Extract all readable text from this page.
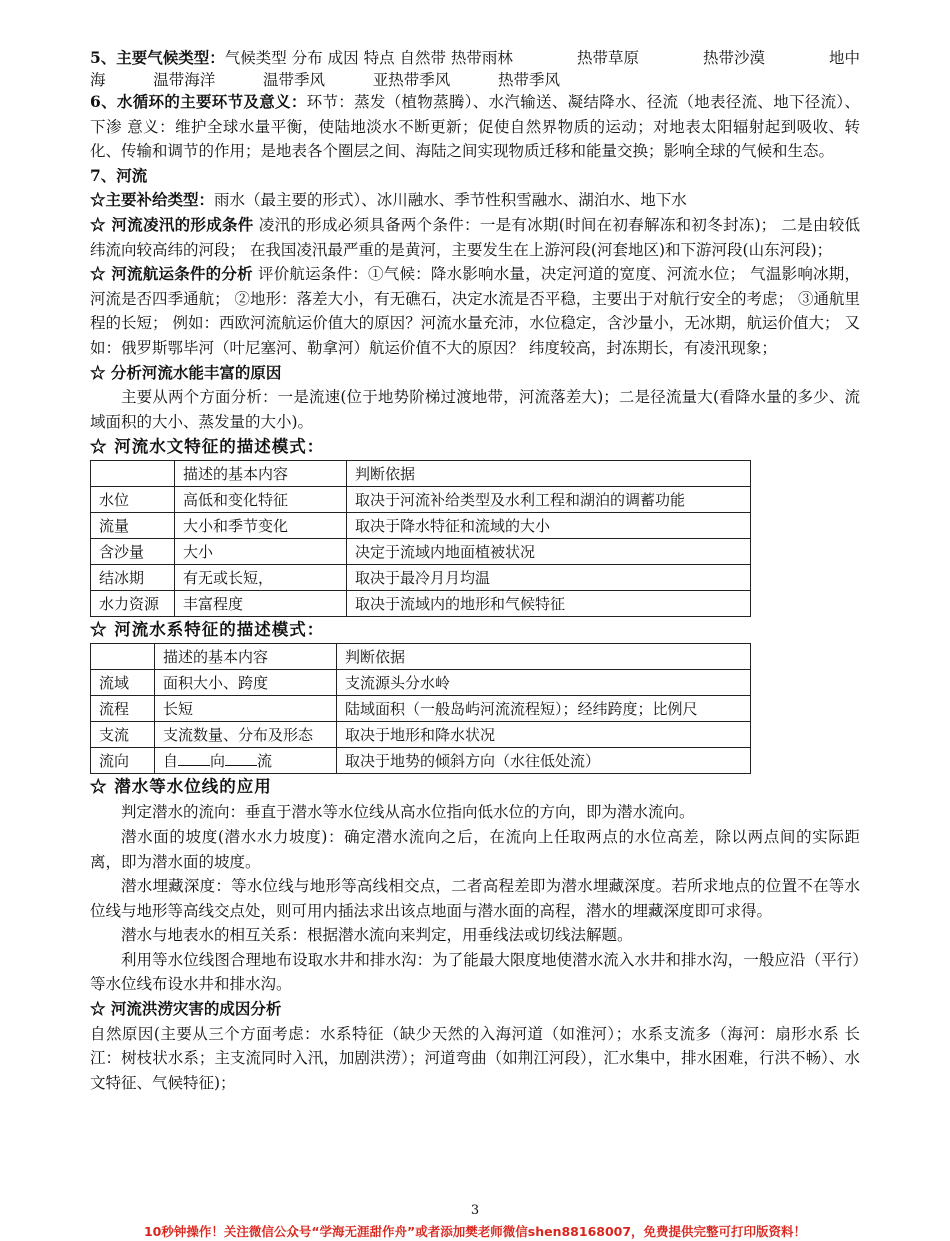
5、主要气候类型：气候类型 分布 成因 特点 自然带 热带雨林	热带草原	热带沙漠	地中
海	温带海洋	温带季风	亚热带季风	热带季风

6、水循环的主要环节及意义：环节：蒸发（植物蒸腾）、水汽输送、凝结降水、径流（地表径流、地下径流）、下渗 意义：维护全球水量平衡，使陆地淡水不断更新；促使自然界物质的运动；对地表太阳辐射起到吸收、转化、传输和调节的作用；是地表各个圈层之间、海陆之间实现物质迁移和能量交换；影响全球的气候和生态。

7、河流

☆主要补给类型：雨水（最主要的形式）、冰川融水、季节性积雪融水、湖泊水、地下水

☆ 河流凌汛的形成条件 凌汛的形成必须具备两个条件：一是有冰期(时间在初春解冻和初冬封冻)； 二是由较低纬流向较高纬的河段； 在我国凌汛最严重的是黄河，主要发生在上游河段(河套地区)和下游河段(山东河段)；

☆ 河流航运条件的分析 评价航运条件：①气候：降水影响水量，决定河道的宽度、河流水位； 气温影响冰期，河流是否四季通航； ②地形：落差大小，有无礁石，决定水流是否平稳，主要出于对航行安全的考虑； ③通航里程的长短； 例如：西欧河流航运价值大的原因？河流水量充沛，水位稳定，含沙量小，无冰期，航运价值大； 又如：俄罗斯鄂毕河（叶尼塞河、勒拿河）航运价值不大的原因？ 纬度较高，封冻期长，有凌汛现象；

☆ 分析河流水能丰富的原因

主要从两个方面分析：一是流速(位于地势阶梯过渡地带，河流落差大)；二是径流量大(看降水量的多少、流域面积的大小、蒸发量的大小)。

☆ 河流水文特征的描述模式：
	描述的基本内容	判断依据
水位	高低和变化特征	取决于河流补给类型及水利工程和湖泊的调蓄功能
流量	大小和季节变化	取决于降水特征和流域的大小
含沙量	大小	决定于流域内地面植被状况
结冰期	有无或长短，	取决于最冷月月均温
水力资源	丰富程度	取决于流域内的地形和气候特征
☆ 河流水系特征的描述模式：
	描述的基本内容	判断依据
流域	面积大小、跨度	支流源头分水岭
流程	长短	陆域面积（一般岛屿河流流程短）；经纬跨度；比例尺
支流	支流数量、分布及形态	取决于地形和降水状况
流向	自 向 流	取决于地势的倾斜方向（水往低处流）
☆ 潜水等水位线的应用

判定潜水的流向：垂直于潜水等水位线从高水位指向低水位的方向，即为潜水流向。

潜水面的坡度(潜水水力坡度)：确定潜水流向之后，在流向上任取两点的水位高差，除以两点间的实际距离，即为潜水面的坡度。

潜水埋藏深度：等水位线与地形等高线相交点，二者高程差即为潜水埋藏深度。若所求地点的位置不在等水位线与地形等高线交点处，则可用内插法求出该点地面与潜水面的高程，潜水的埋藏深度即可求得。

潜水与地表水的相互关系：根据潜水流向来判定，用垂线法或切线法解题。

利用等水位线图合理地布设取水井和排水沟：为了能最大限度地使潜水流入水井和排水沟，一般应沿（平行）等水位线布设水井和排水沟。

☆ 河流洪涝灾害的成因分析

自然原因(主要从三个方面考虑：水系特征（缺少天然的入海河道（如淮河）；水系支流多（海河：扇形水系 长江：树枝状水系；主支流同时入汛，加剧洪涝）；河道弯曲（如荆江河段），汇水集中，排水困难，行洪不畅）、水文特征、气候特征)；

3
10秒钟操作！关注微信公众号“学海无涯甜作舟”或者添加樊老师微信shen88168007，免费提供完整可打印版资料！
